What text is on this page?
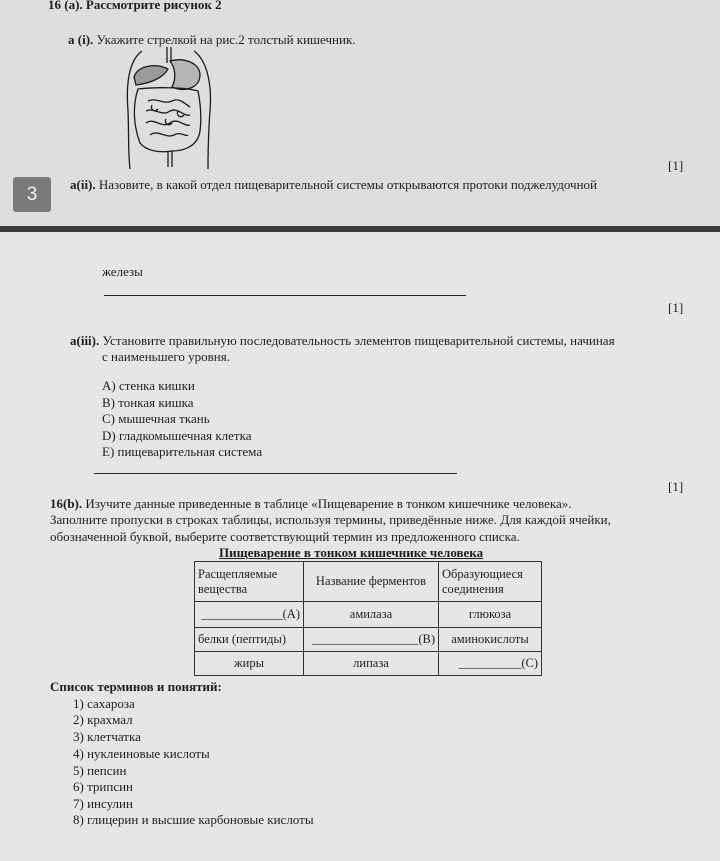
16 (а). Рассмотрите рисунок 2
а (i). Укажите стрелкой на рис.2 толстый кишечник.
[1]
3	a(ii). Назовите, в какой отдел пищеварительной системы открываются протоки поджелудочной
железы
[1]
a(iii). Установите правильную последовательность элементов пищеварительной системы, начиная
с наименьшего уровня.
A) стенка кишки
B) тонкая кишка
C) мышечная ткань
D) гладкомышечная клетка
E) пищеварительная система
[1]
16(b). Изучите данные приведенные в таблице «Пищеварение в тонком кишечнике человека».
Заполните пропуски в строках таблицы, используя термины, приведённые ниже. Для каждой ячейки,
обозначенной буквой, выберите соответствующий термин из предложенного списка.
Пищеварение в тонком кишечнике человека
Расщепляемые вещества	Название ферментов	Образующиеся соединения
_____________(A)	амилаза	глюкоза
белки (пептиды)	_________________(B)	аминокислоты
жиры	липаза	__________(C)
Список терминов и понятий:
1) сахароза
2) крахмал
3) клетчатка
4) нуклеиновые кислоты
5) пепсин
6) трипсин
7) инсулин
8) глицерин и высшие карбоновые кислоты
